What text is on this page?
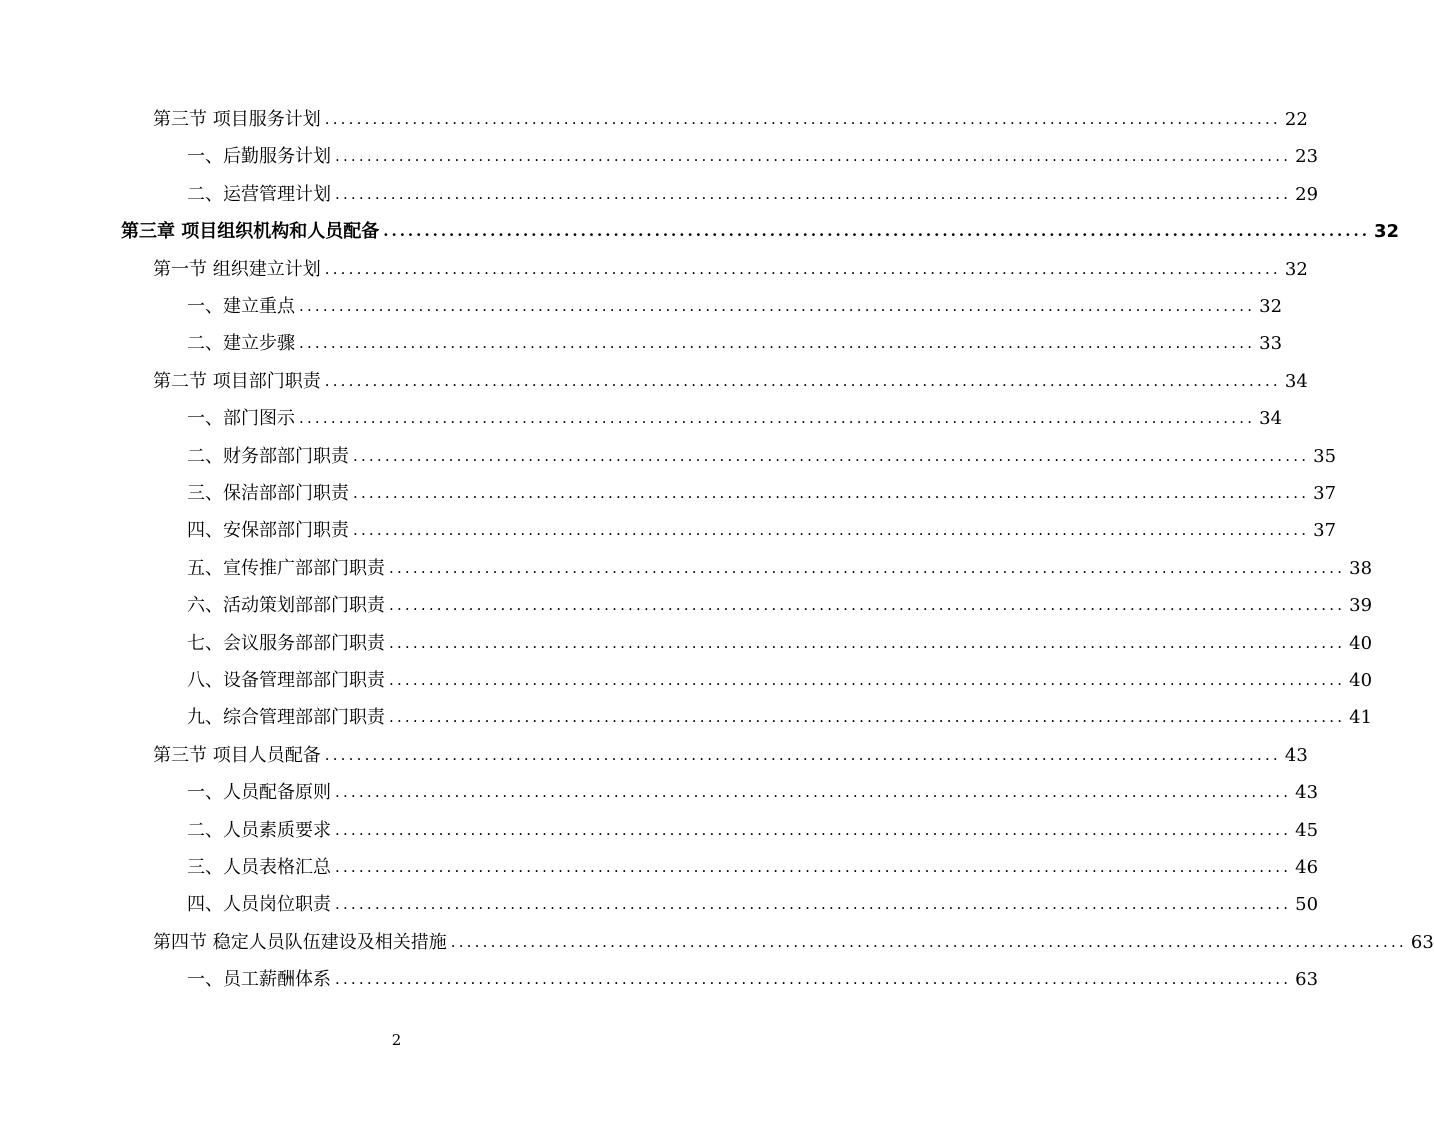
第三节 项目服务计划 ........................................................................................................................ 22
一、后勤服务计划 ........................................................................................................................ 23
二、运营管理计划 ........................................................................................................................ 29
第三章 项目组织机构和人员配备 ........................................................................................................................ 32
第一节 组织建立计划 ........................................................................................................................ 32
一、建立重点 ........................................................................................................................ 32
二、建立步骤 ........................................................................................................................ 33
第二节 项目部门职责 ........................................................................................................................ 34
一、部门图示 ........................................................................................................................ 34
二、财务部部门职责 ........................................................................................................................ 35
三、保洁部部门职责 ........................................................................................................................ 37
四、安保部部门职责 ........................................................................................................................ 37
五、宣传推广部部门职责 ........................................................................................................................ 38
六、活动策划部部门职责 ........................................................................................................................ 39
七、会议服务部部门职责 ........................................................................................................................ 40
八、设备管理部部门职责 ........................................................................................................................ 40
九、综合管理部部门职责 ........................................................................................................................ 41
第三节 项目人员配备 ........................................................................................................................ 43
一、人员配备原则 ........................................................................................................................ 43
二、人员素质要求 ........................................................................................................................ 45
三、人员表格汇总 ........................................................................................................................ 46
四、人员岗位职责 ........................................................................................................................ 50
第四节 稳定人员队伍建设及相关措施 ........................................................................................................................ 63
一、员工薪酬体系 ........................................................................................................................ 63
2
